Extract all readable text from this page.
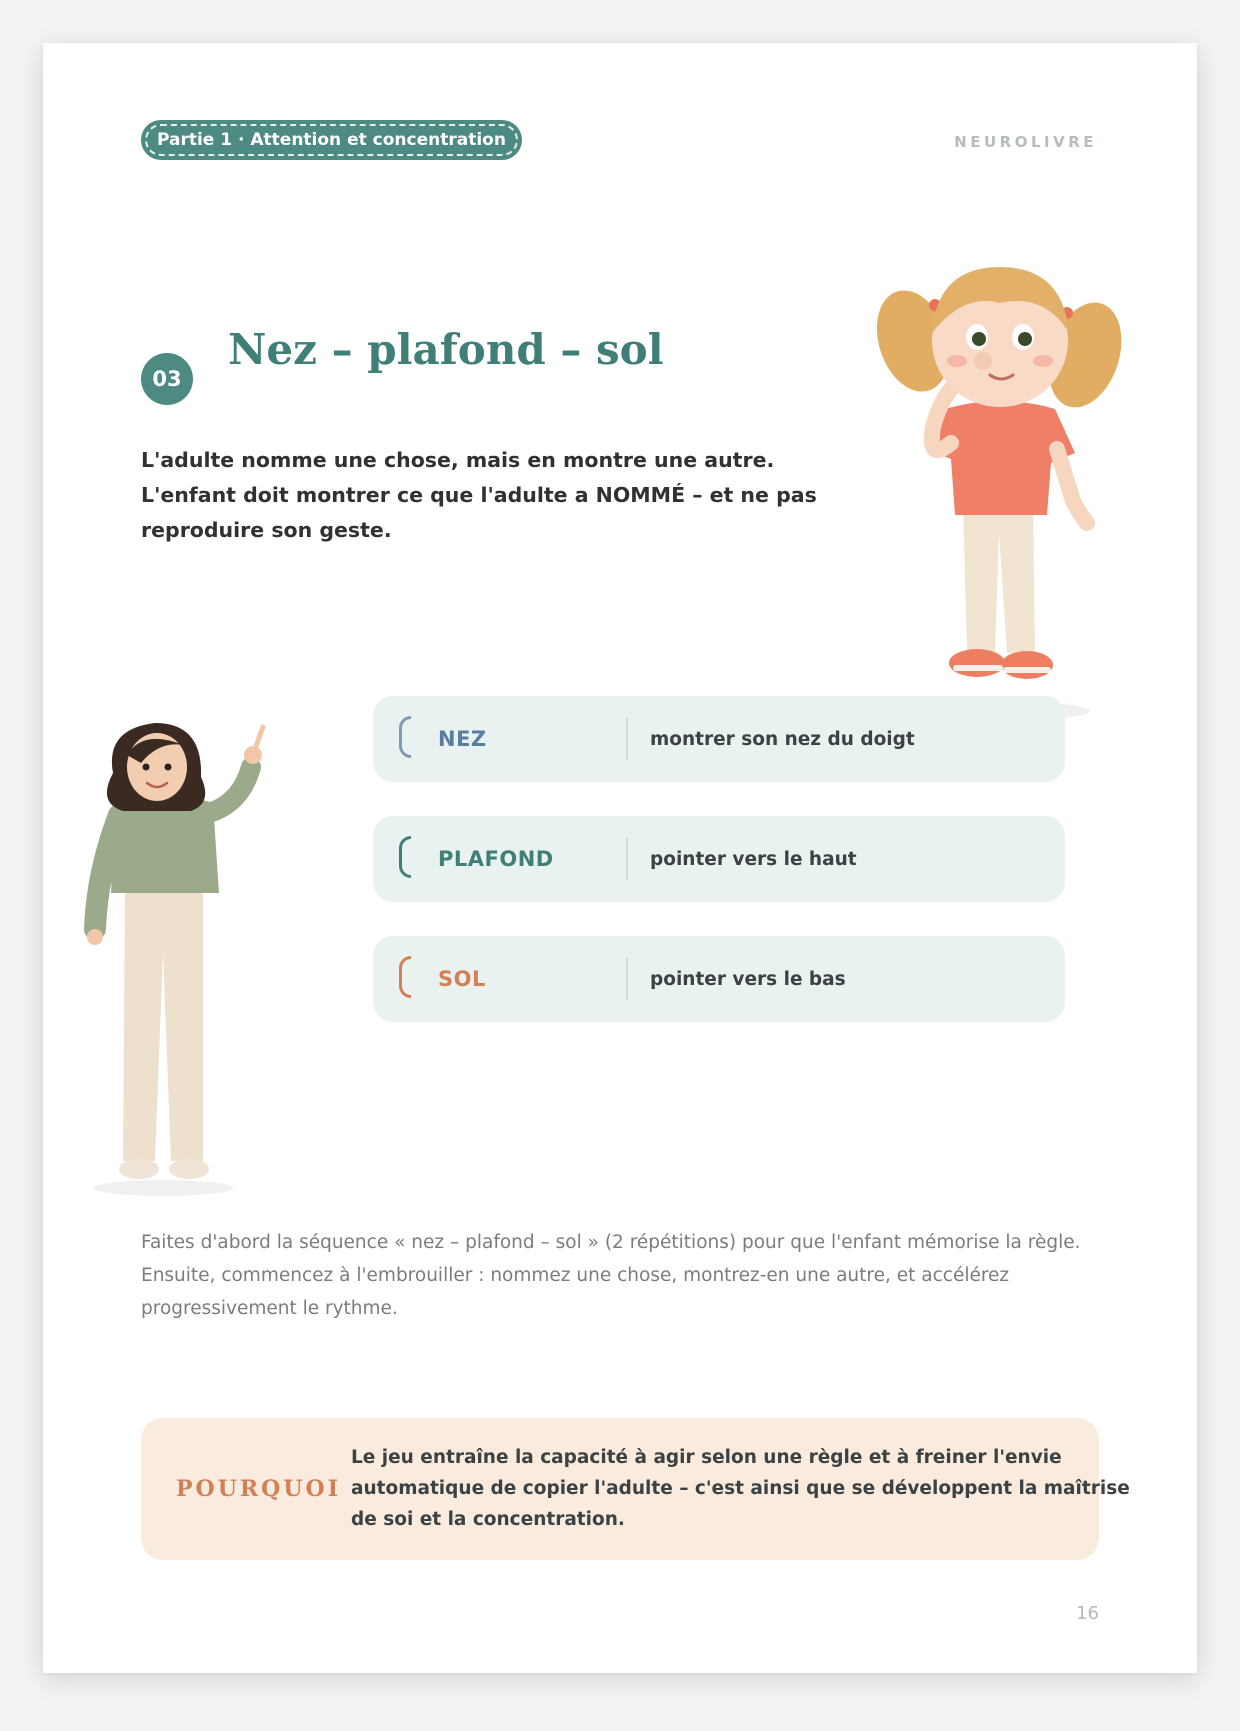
Partie 1 · Attention et concentration	NEUROLIVRE
03
Nez – plafond – sol

L'adulte nomme une chose, mais en montre une autre.
L'enfant doit montrer ce que l'adulte a NOMMÉ – et ne pas
reproduire son geste.

NEZ	montrer son nez du doigt
PLAFOND	pointer vers le haut
SOL	pointer vers le bas

Faites d'abord la séquence « nez – plafond – sol » (2 répétitions) pour que l'enfant mémorise la règle. Ensuite, commencez à l'embrouiller : nommez une chose, montrez-en une autre, et accélérez progressivement le rythme.

POURQUOI
Le jeu entraîne la capacité à agir selon une règle et à freiner l'envie
automatique de copier l'adulte – c'est ainsi que se développent la maîtrise
de soi et la concentration.
16
